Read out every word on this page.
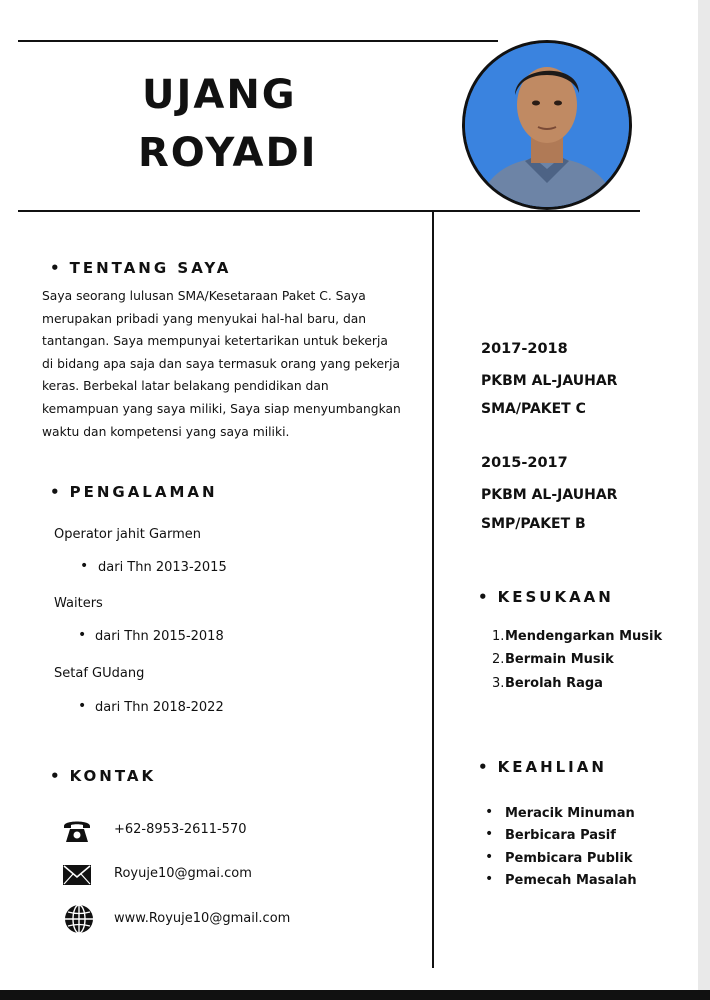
UJANG
ROYADI
• TENTANG SAYA
Saya seorang lulusan SMA/Kesetaraan Paket C. Saya merupakan pribadi yang menyukai hal-hal baru, dan tantangan. Saya mempunyai ketertarikan untuk bekerja di bidang apa saja dan saya termasuk orang yang pekerja keras. Berbekal latar belakang pendidikan dan kemampuan yang saya miliki, Saya siap menyumbangkan waktu dan kompetensi yang saya miliki.
• PENGALAMAN
Operator jahit Garmen
• dari Thn 2013-2015
Waiters
• dari Thn 2015-2018
Setaf GUdang
• dari Thn 2018-2022
• KONTAK
+62-8953-2611-570
Royuje10@gmai.com
www.Royuje10@gmail.com
2017-2018
PKBM AL-JAUHAR
SMA/PAKET C
2015-2017
PKBM AL-JAUHAR
SMP/PAKET B
• KESUKAAN
1. Mendengarkan Musik
2. Bermain Musik
3. Berolah Raga
• KEAHLIAN
• Meracik Minuman
• Berbicara Pasif
• Pembicara Publik
• Pemecah Masalah
